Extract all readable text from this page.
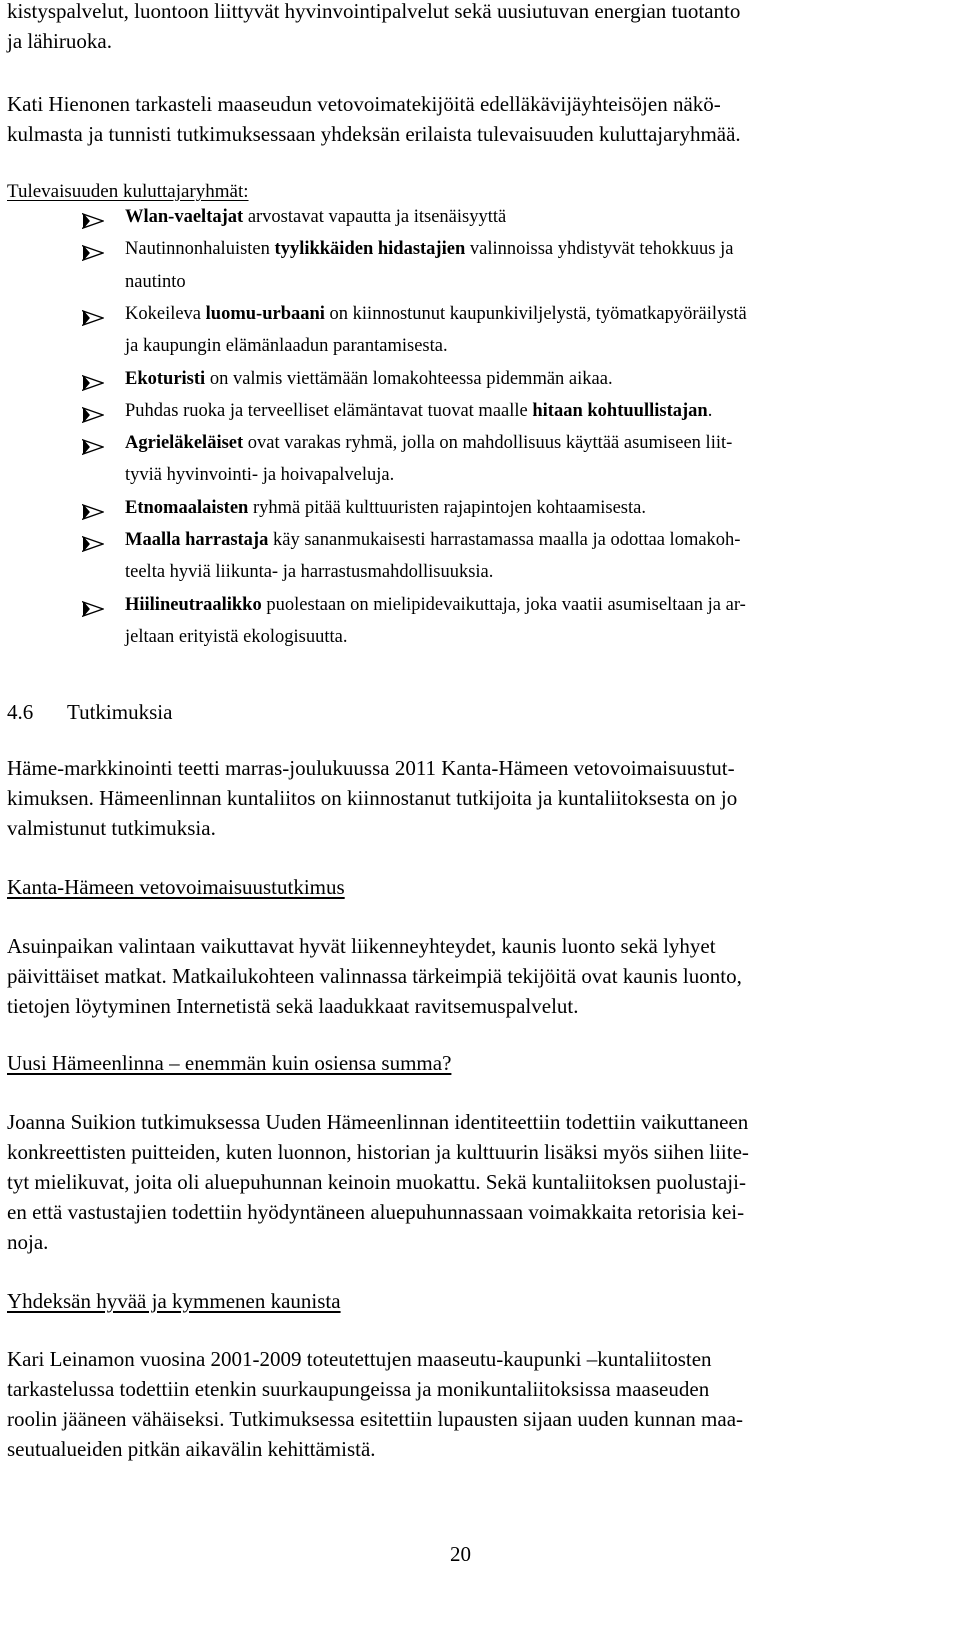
kistyspalvelut, luontoon liittyvät hyvinvointipalvelut sekä uusiutuvan energian tuotanto
ja lähiruoka.
Kati Hienonen tarkasteli maaseudun vetovoimatekijöitä edelläkävijäyhteisöjen näkö-
kulmasta ja tunnisti tutkimuksessaan yhdeksän erilaista tulevaisuuden kuluttajaryhmää.
Tulevaisuuden kuluttajaryhmät:
Wlan-vaeltajat arvostavat vapautta ja itsenäisyyttä
Nautinnonhaluisten tyylikkäiden hidastajien valinnoissa yhdistyvät tehokkuus ja
nautinto
Kokeileva luomu-urbaani on kiinnostunut kaupunkiviljelystä, työmatkapyöräilystä
ja kaupungin elämänlaadun parantamisesta.
Ekoturisti on valmis viettämään lomakohteessa pidemmän aikaa.
Puhdas ruoka ja terveelliset elämäntavat tuovat maalle hitaan kohtuullistajan.
Agrieläkeläiset ovat varakas ryhmä, jolla on mahdollisuus käyttää asumiseen liit-
tyviä hyvinvointi- ja hoivapalveluja.
Etnomaalaisten ryhmä pitää kulttuuristen rajapintojen kohtaamisesta.
Maalla harrastaja käy sananmukaisesti harrastamassa maalla ja odottaa lomakoh-
teelta hyviä liikunta- ja harrastusmahdollisuuksia.
Hiilineutraalikko puolestaan on mielipidevaikuttaja, joka vaatii asumiseltaan ja ar-
jeltaan erityistä ekologisuutta.
4.6 Tutkimuksia
Häme-markkinointi teetti marras-joulukuussa 2011 Kanta-Hämeen vetovoimaisuustut-
kimuksen. Hämeenlinnan kuntaliitos on kiinnostanut tutkijoita ja kuntaliitoksesta on jo
valmistunut tutkimuksia.
Kanta-Hämeen vetovoimaisuustutkimus
Asuinpaikan valintaan vaikuttavat hyvät liikenneyhteydet, kaunis luonto sekä lyhyet
päivittäiset matkat. Matkailukohteen valinnassa tärkeimpiä tekijöitä ovat kaunis luonto,
tietojen löytyminen Internetistä sekä laadukkaat ravitsemuspalvelut.
Uusi Hämeenlinna – enemmän kuin osiensa summa?
Joanna Suikion tutkimuksessa Uuden Hämeenlinnan identiteettiin todettiin vaikuttaneen
konkreettisten puitteiden, kuten luonnon, historian ja kulttuurin lisäksi myös siihen liite-
tyt mielikuvat, joita oli aluepuhunnan keinoin muokattu. Sekä kuntaliitoksen puolustaji-
en että vastustajien todettiin hyödyntäneen aluepuhunnassaan voimakkaita retorisia kei-
noja.
Yhdeksän hyvää ja kymmenen kaunista
Kari Leinamon vuosina 2001-2009 toteutettujen maaseutu-kaupunki –kuntaliitosten
tarkastelussa todettiin etenkin suurkaupungeissa ja monikuntaliitoksissa maaseuden
roolin jääneen vähäiseksi. Tutkimuksessa esitettiin lupausten sijaan uuden kunnan maa-
seutualueiden pitkän aikavälin kehittämistä.
20
